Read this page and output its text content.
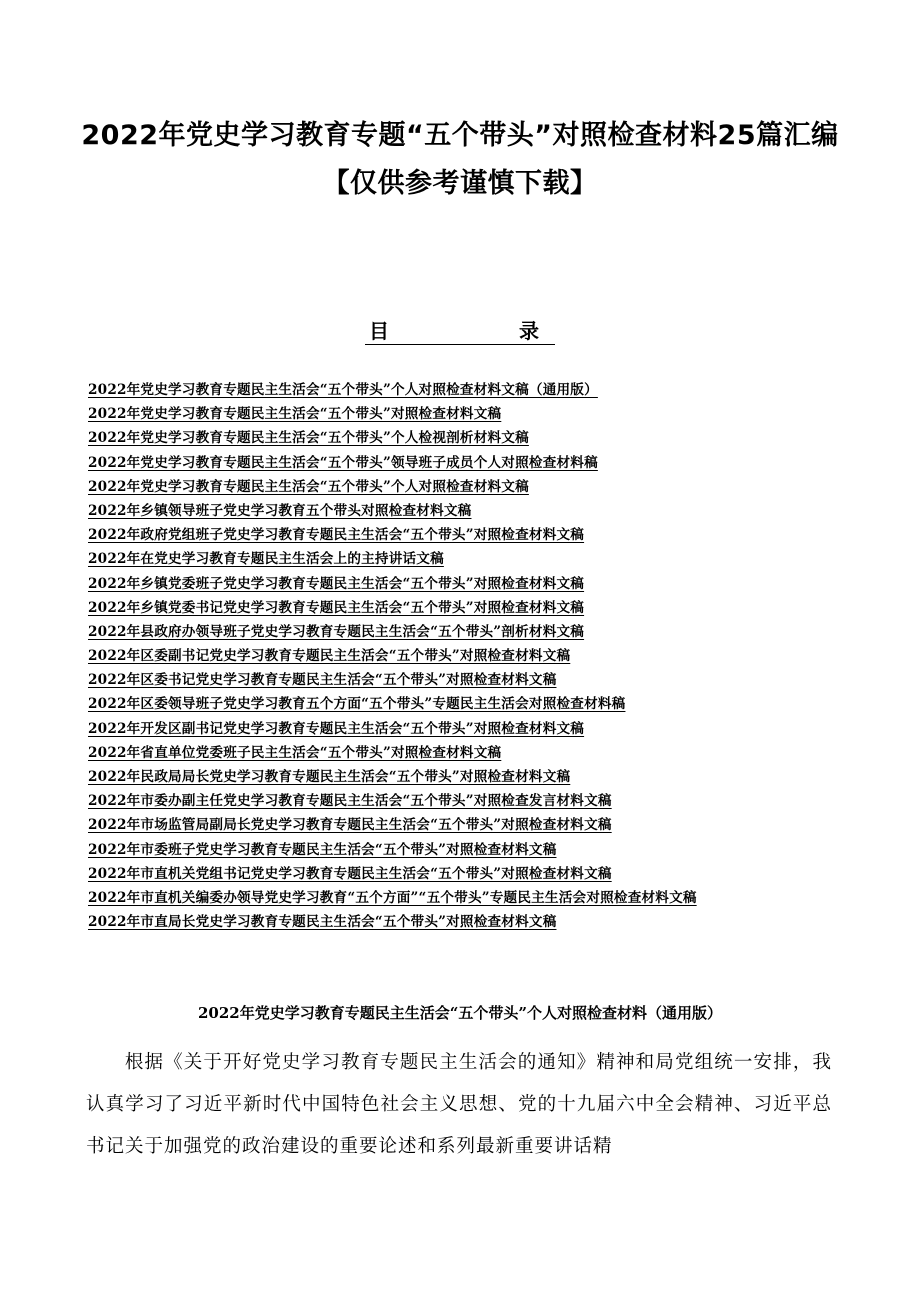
2022年党史学习教育专题“五个带头”对照检查材料25篇汇编【仅供参考谨慎下载】
目录
2022年党史学习教育专题民主生活会“五个带头”个人对照检查材料文稿（通用版）
2022年党史学习教育专题民主生活会“五个带头”对照检查材料文稿
2022年党史学习教育专题民主生活会“五个带头”个人检视剖析材料文稿
2022年党史学习教育专题民主生活会“五个带头”领导班子成员个人对照检查材料稿
2022年党史学习教育专题民主生活会“五个带头”个人对照检查材料文稿
2022年乡镇领导班子党史学习教育五个带头对照检查材料文稿
2022年政府党组班子党史学习教育专题民主生活会“五个带头”对照检查材料文稿
2022年在党史学习教育专题民主生活会上的主持讲话文稿
2022年乡镇党委班子党史学习教育专题民主生活会“五个带头”对照检查材料文稿
2022年乡镇党委书记党史学习教育专题民主生活会“五个带头”对照检查材料文稿
2022年县政府办领导班子党史学习教育专题民主生活会“五个带头”剖析材料文稿
2022年区委副书记党史学习教育专题民主生活会“五个带头”对照检查材料文稿
2022年区委书记党史学习教育专题民主生活会“五个带头”对照检查材料文稿
2022年区委领导班子党史学习教育五个方面“五个带头”专题民主生活会对照检查材料稿
2022年开发区副书记党史学习教育专题民主生活会“五个带头”对照检查材料文稿
2022年省直单位党委班子民主生活会“五个带头”对照检查材料文稿
2022年民政局局长党史学习教育专题民主生活会“五个带头”对照检查材料文稿
2022年市委办副主任党史学习教育专题民主生活会“五个带头”对照检查发言材料文稿
2022年市场监管局副局长党史学习教育专题民主生活会“五个带头”对照检查材料文稿
2022年市委班子党史学习教育专题民主生活会“五个带头”对照检查材料文稿
2022年市直机关党组书记党史学习教育专题民主生活会“五个带头”对照检查材料文稿
2022年市直机关编委办领导党史学习教育“五个方面”“五个带头”专题民主生活会对照检查材料文稿
2022年市直局长党史学习教育专题民主生活会“五个带头”对照检查材料文稿
2022年党史学习教育专题民主生活会“五个带头”个人对照检查材料（通用版）

根据《关于开好党史学习教育专题民主生活会的通知》精神和局党组统一安排，我认真学习了习近平新时代中国特色社会主义思想、党的十九届六中全会精神、习近平总书记关于加强党的政治建设的重要论述和系列最新重要讲话精
